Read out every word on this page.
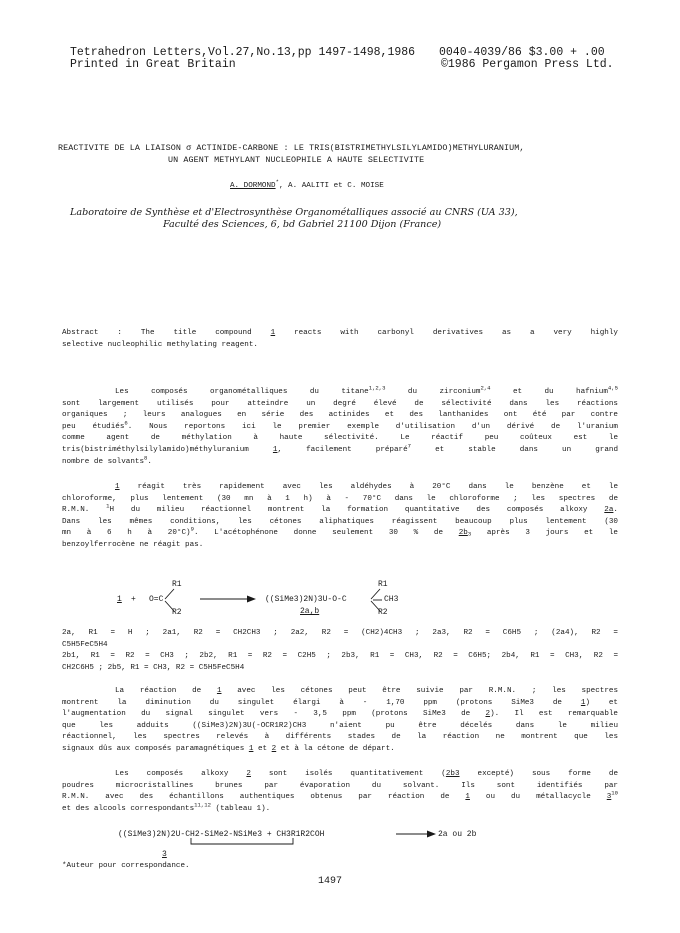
Tetrahedron Letters,Vol.27,No.13,pp 1497-1498,1986 0040-4039/86 $3.00 + .00
Printed in Great Britain	©1986 Pergamon Press Ltd.
REACTIVITE DE LA LIAISON σ ACTINIDE-CARBONE : LE TRIS(BISTRIMETHYLSILYLAMIDO)METHYLURANIUM,
UN AGENT METHYLANT NUCLEOPHILE A HAUTE SELECTIVITE
A. DORMOND*, A. AALITI et C. MOISE
Laboratoire de Synthèse et d'Electrosynthèse Organométalliques associé au CNRS (UA 33),
Faculté des Sciences, 6, bd Gabriel 21100 Dijon (France)

Abstract : The title compound 1 reacts with carbonyl derivatives as a very highly

selective nucleophilic methylating reagent.

Les composés organométalliques du titane$^{1,2,3}$ du zirconium$^{2,4}$ et du hafnium$^{4,5}$

sont largement utilisés pour atteindre un degré élevé de sélectivité dans les réactions

organiques ; leurs analogues en série des actinides et des lanthanides ont été par contre

peu étudiés$^6$. Nous reportons ici le premier exemple d'utilisation d'un dérivé de l'uranium

comme agent de méthylation à haute sélectivité. Le réactif peu coûteux est le

tris(bistriméthylsilylamido)méthyluranium 1, facilement préparé$^7$ et stable dans un grand

nombre de solvants$^8$.

1 réagit très rapidement avec les aldéhydes à 20°C dans le benzène et le

chloroforme, plus lentement (30 mn à 1 h) à - 70°C dans le chloroforme ; les spectres de

R.M.N. $^1$H du milieu réactionnel montrent la formation quantitative des composés alkoxy 2a.

Dans les mêmes conditions, les cétones aliphatiques réagissent beaucoup plus lentement (30

mn à 6 h à 20°C)$^9$. L'acétophénone donne seulement 30 % de $2b_3$ après 3 jours et le

benzoylferrocène ne réagit pas.

1 + O=C
R1
R2
((SiMe3)2N)3U-O-C
R1
CH3
R2
2a,b

2a, R1 = H ; 2a1, R2 = CH2CH3 ; 2a2, R2 = (CH2)4CH3 ; 2a3, R2 = C6H5 ; (2a4), R2 =

C5H5FeC5H4

2b1, R1 = R2 = CH3 ; 2b2, R1 = R2 = C2H5 ; 2b3, R1 = CH3, R2 = C6H5; 2b4, R1 = CH3, R2 =

CH2C6H5 ; 2b5, R1 = CH3, R2 = C5H5FeC5H4

La réaction de 1 avec les cétones peut être suivie par R.M.N. ; les spectres

montrent la diminution du singulet élargi à - 1,70 ppm (protons SiMe3 de 1) et

l'augmentation du signal singulet vers - 3,5 ppm (protons SiMe3 de 2). Il est remarquable

que les adduits ((SiMe3)2N)3U(-OCR1R2)CH3 n'aient pu être décelés dans le milieu

réactionnel, les spectres relevés à différents stades de la réaction ne montrent que les

signaux dûs aux composés paramagnétiques 1 et 2 et à la cétone de départ.

Les composés alkoxy 2 sont isolés quantitativement (2b3 excepté) sous forme de

poudres microcristallines brunes par évaporation du solvant. Ils sont identifiés par

R.M.N. avec des échantillons authentiques obtenus par réaction de 1 ou du métallacycle $3^{10}$

et des alcools correspondants$^{11,12}$ (tableau 1).

((SiMe3)2N)2U-CH2-SiMe2-NSiMe3 + CH3R1R2COH	2a ou 2b
3
*Auteur pour correspondance.
1497
